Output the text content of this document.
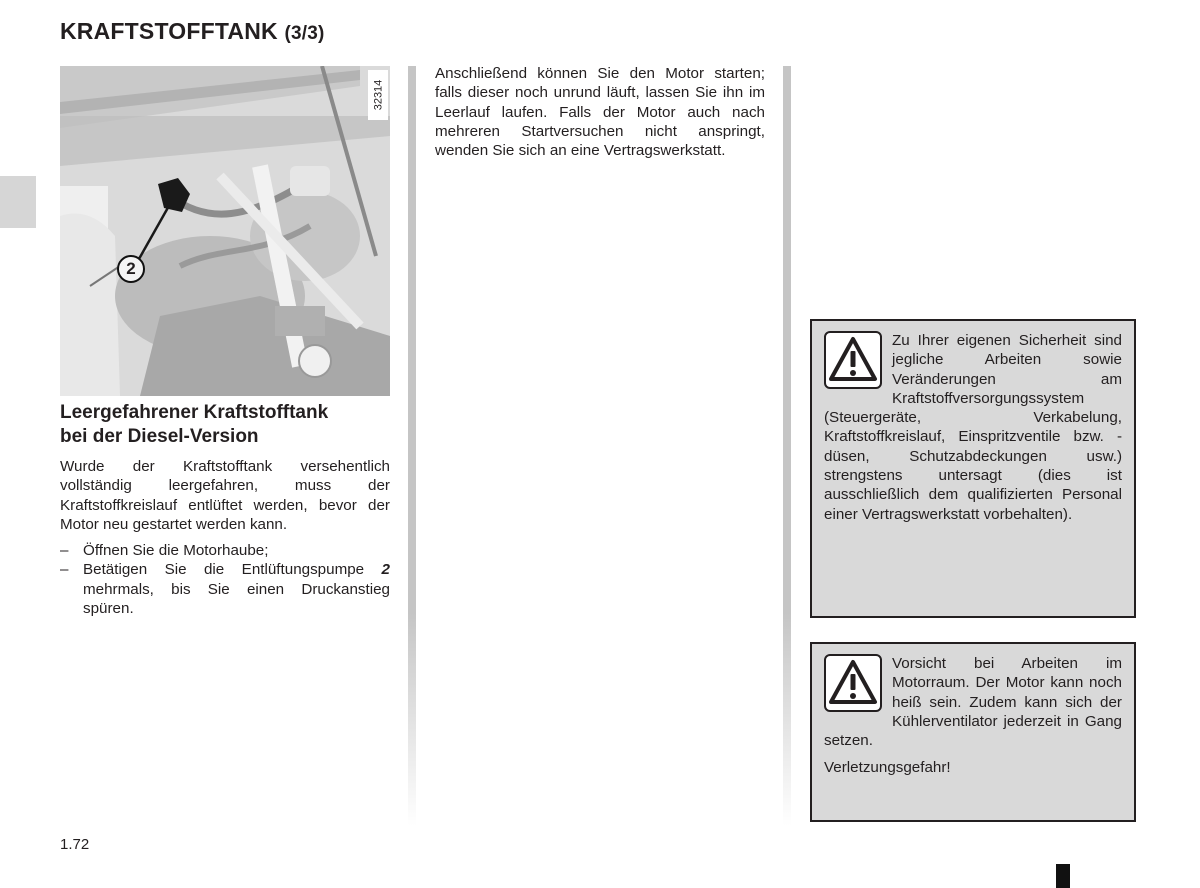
KRAFTSTOFFTANK (3/3)
32314
2
Leergefahrener Kraftstofftank
bei der Diesel-Version

Wurde der Kraftstofftank versehentlich vollständig leergefahren, muss der Kraftstoffkreislauf entlüftet werden, bevor der Motor neu gestartet werden kann.

– Öffnen Sie die Motorhaube;
– Betätigen Sie die Entlüftungspumpe 2 mehrmals, bis Sie einen Druckanstieg spüren.

Anschließend können Sie den Motor starten; falls dieser noch unrund läuft, lassen Sie ihn im Leerlauf laufen. Falls der Motor auch nach mehreren Startversuchen nicht anspringt, wenden Sie sich an eine Vertragswerkstatt.

Zu Ihrer eigenen Sicherheit sind jegliche Arbeiten sowie Veränderungen am Kraftstoffversorgungssystem (Steuergeräte, Verkabelung, Kraftstoffkreislauf, Einspritzventile bzw. -düsen, Schutzabdeckungen usw.) strengstens untersagt (dies ist ausschließlich dem qualifizierten Personal einer Vertragswerkstatt vorbehalten).

Vorsicht bei Arbeiten im Motorraum. Der Motor kann noch heiß sein. Zudem kann sich der Kühlerventilator jederzeit in Gang setzen.

Verletzungsgefahr!

1.72
